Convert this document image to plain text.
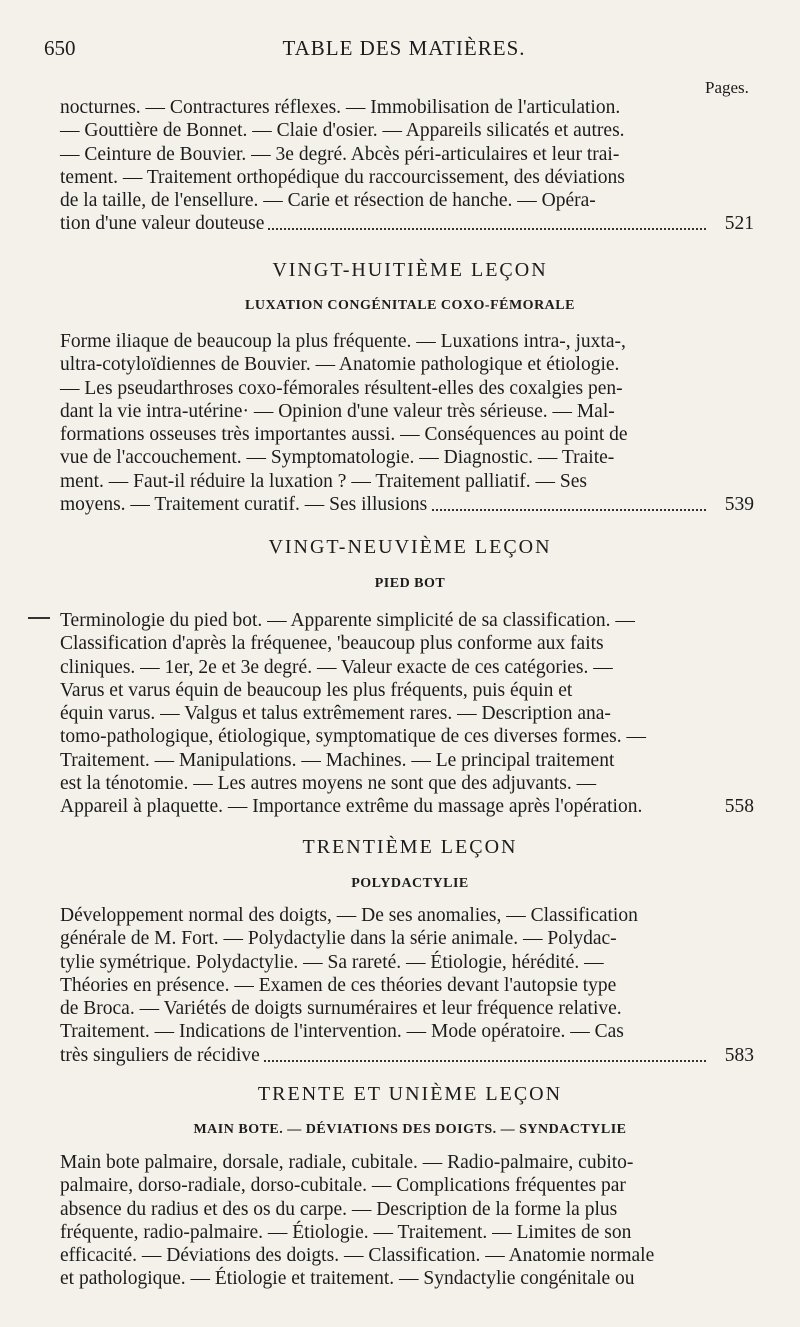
650	TABLE DES MATIÈRES.
Pages.
nocturnes. — Contractures réflexes. — Immobilisation de l'articulation.
— Gouttière de Bonnet. — Claie d'osier. — Appareils silicatés et autres.
— Ceinture de Bouvier. — 3e degré. Abcès péri-articulaires et leur trai-
tement. — Traitement orthopédique du raccourcissement, des déviations
de la taille, de l'ensellure. — Carie et résection de hanche. — Opéra-
tion d'une valeur douteuse	521
VINGT-HUITIÈME LEÇON
LUXATION CONGÉNITALE COXO-FÉMORALE
Forme iliaque de beaucoup la plus fréquente. — Luxations intra-, juxta-,
ultra-cotyloïdiennes de Bouvier. — Anatomie pathologique et étiologie.
— Les pseudarthroses coxo-fémorales résultent-elles des coxalgies pen-
dant la vie intra-utérine· — Opinion d'une valeur très sérieuse. — Mal-
formations osseuses très importantes aussi. — Conséquences au point de
vue de l'accouchement. — Symptomatologie. — Diagnostic. — Traite-
ment. — Faut-il réduire la luxation ? — Traitement palliatif. — Ses
moyens. — Traitement curatif. — Ses illusions	539
VINGT-NEUVIÈME LEÇON
PIED BOT
Terminologie du pied bot. — Apparente simplicité de sa classification. —
Classification d'après la fréquenee, 'beaucoup plus conforme aux faits
cliniques. — 1er, 2e et 3e degré. — Valeur exacte de ces catégories. —
Varus et varus équin de beaucoup les plus fréquents, puis équin et
équin varus. — Valgus et talus extrêmement rares. — Description ana-
tomo-pathologique, étiologique, symptomatique de ces diverses formes. —
Traitement. — Manipulations. — Machines. — Le principal traitement
est la ténotomie. — Les autres moyens ne sont que des adjuvants. —
Appareil à plaquette. — Importance extrême du massage après l'opération.	558
TRENTIÈME LEÇON
POLYDACTYLIE
Développement normal des doigts, — De ses anomalies, — Classification
générale de M. Fort. — Polydactylie dans la série animale. — Polydac-
tylie symétrique. Polydactylie. — Sa rareté. — Étiologie, hérédité. —
Théories en présence. — Examen de ces théories devant l'autopsie type
de Broca. — Variétés de doigts surnuméraires et leur fréquence relative.
Traitement. — Indications de l'intervention. — Mode opératoire. — Cas
très singuliers de récidive	583
TRENTE ET UNIÈME LEÇON
MAIN BOTE. — DÉVIATIONS DES DOIGTS. — SYNDACTYLIE
Main bote palmaire, dorsale, radiale, cubitale. — Radio-palmaire, cubito-
palmaire, dorso-radiale, dorso-cubitale. — Complications fréquentes par
absence du radius et des os du carpe. — Description de la forme la plus
fréquente, radio-palmaire. — Étiologie. — Traitement. — Limites de son
efficacité. — Déviations des doigts. — Classification. — Anatomie normale
et pathologique. — Étiologie et traitement. — Syndactylie congénitale ou
